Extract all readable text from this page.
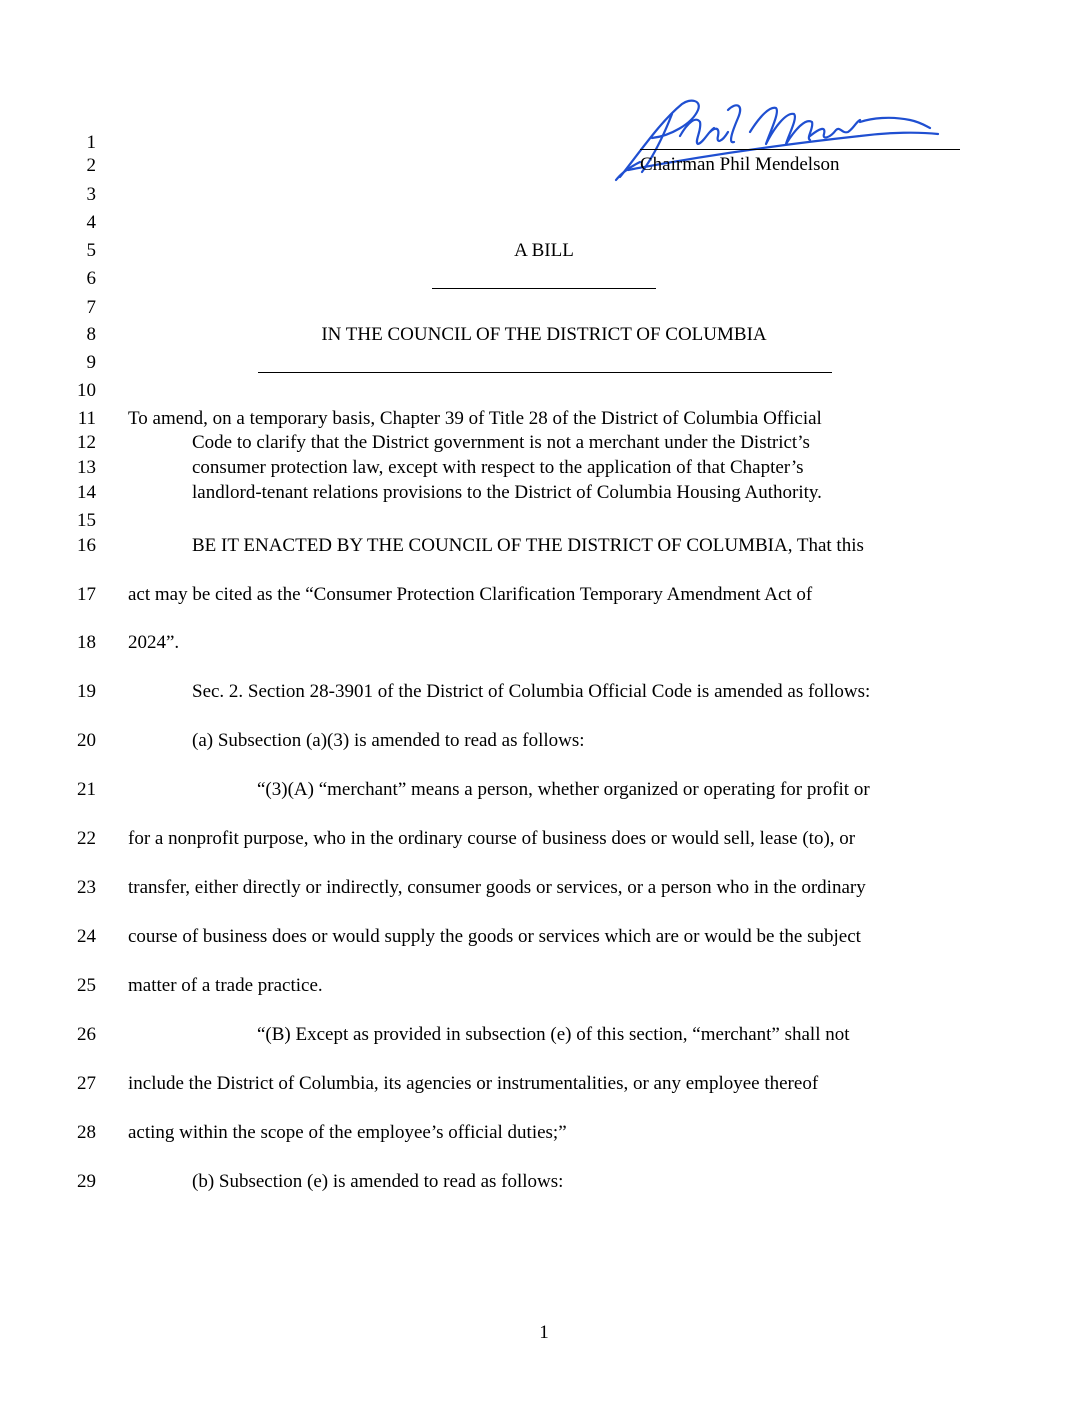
Chairman Phil Mendelson
1
2
3
4
5
6
7
8
9
10
11
12
13
14
15
16
17
18
19
20
21
22
23
24
25
26
27
28
29
A BILL
IN THE COUNCIL OF THE DISTRICT OF COLUMBIA
To amend, on a temporary basis, Chapter 39 of Title 28 of the District of Columbia Official
Code to clarify that the District government is not a merchant under the District’s
consumer protection law, except with respect to the application of that Chapter’s
landlord-tenant relations provisions to the District of Columbia Housing Authority.
BE IT ENACTED BY THE COUNCIL OF THE DISTRICT OF COLUMBIA, That this
act may be cited as the “Consumer Protection Clarification Temporary Amendment Act of
2024”.
Sec. 2. Section 28-3901 of the District of Columbia Official Code is amended as follows:
(a) Subsection (a)(3) is amended to read as follows:
“(3)(A) “merchant” means a person, whether organized or operating for profit or
for a nonprofit purpose, who in the ordinary course of business does or would sell, lease (to), or
transfer, either directly or indirectly, consumer goods or services, or a person who in the ordinary
course of business does or would supply the goods or services which are or would be the subject
matter of a trade practice.
“(B) Except as provided in subsection (e) of this section, “merchant” shall not
include the District of Columbia, its agencies or instrumentalities, or any employee thereof
acting within the scope of the employee’s official duties;”
(b) Subsection (e) is amended to read as follows:
1
